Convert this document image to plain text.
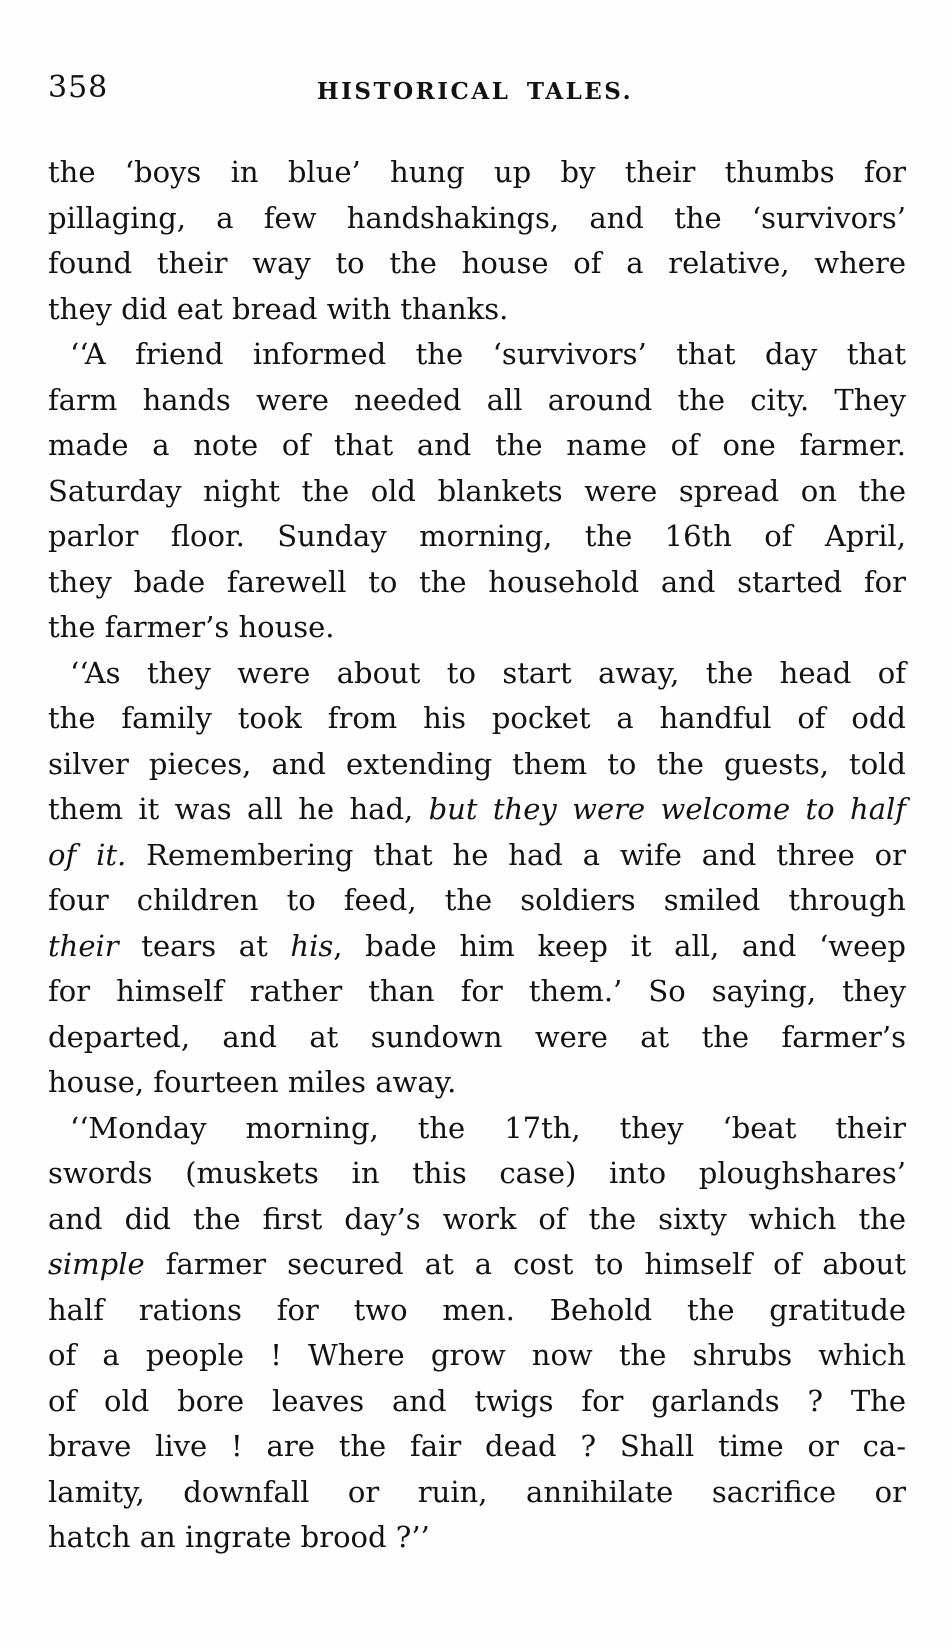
358	HISTORICAL TALES.
the ‘boys in blue’ hung up by their thumbs for
pillaging, a few handshakings, and the ‘survivors’
found their way to the house of a relative, where
they did eat bread with thanks.
‘‘A friend informed the ‘survivors’ that day that
farm hands were needed all around the city. They
made a note of that and the name of one farmer.
Saturday night the old blankets were spread on the
parlor floor. Sunday morning, the 16th of April,
they bade farewell to the household and started for
the farmer’s house.
‘‘As they were about to start away, the head of
the family took from his pocket a handful of odd
silver pieces, and extending them to the guests, told
them it was all he had, but they were welcome to half
of it. Remembering that he had a wife and three or
four children to feed, the soldiers smiled through
their tears at his, bade him keep it all, and ‘weep
for himself rather than for them.’ So saying, they
departed, and at sundown were at the farmer’s
house, fourteen miles away.
‘‘Monday morning, the 17th, they ‘beat their
swords (muskets in this case) into ploughshares’
and did the first day’s work of the sixty which the
simple farmer secured at a cost to himself of about
half rations for two men. Behold the gratitude
of a people ! Where grow now the shrubs which
of old bore leaves and twigs for garlands ? The
brave live ! are the fair dead ? Shall time or ca-
lamity, downfall or ruin, annihilate sacrifice or
hatch an ingrate brood ?’’
